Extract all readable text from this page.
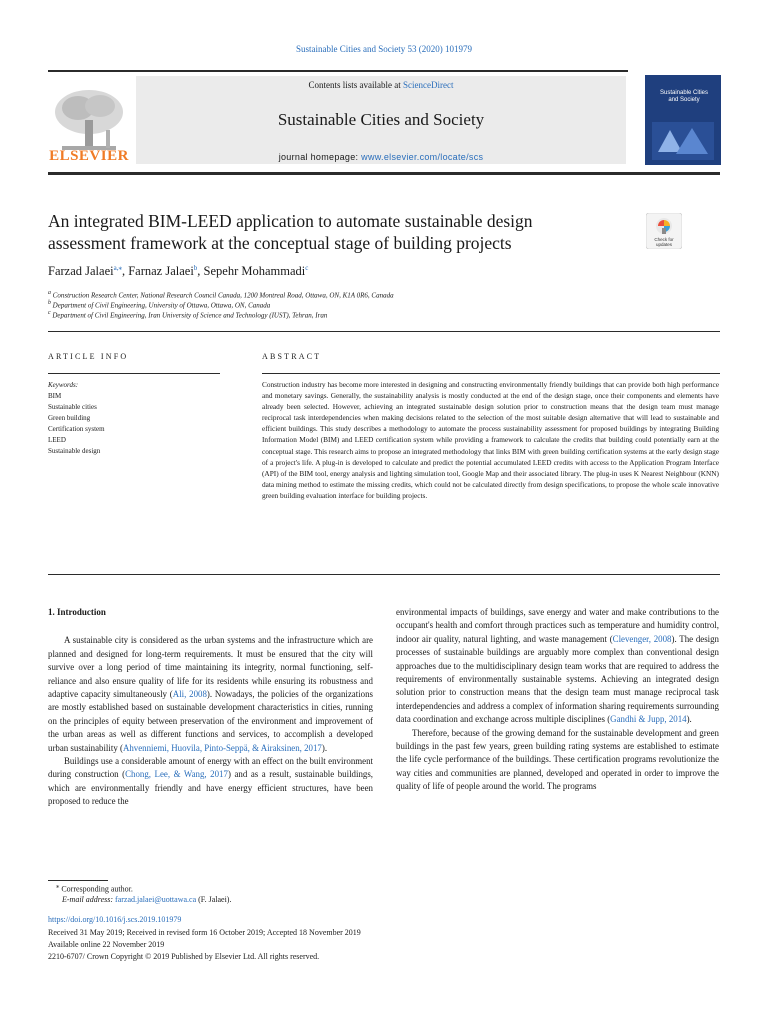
Sustainable Cities and Society 53 (2020) 101979
ELSEVIER
Contents lists available at ScienceDirect
Sustainable Cities and Society
journal homepage: www.elsevier.com/locate/scs
Sustainable Cities
and Society
An integrated BIM-LEED application to automate sustainable design
assessment framework at the conceptual stage of building projects	Check for
updates
Farzad Jalaei$^{a,⁎}$, Farnaz Jalaei$^b$, Sepehr Mohammadi$^c$
$^a$ Construction Research Center, National Research Council Canada, 1200 Montreal Road, Ottawa, ON, K1A 0R6, Canada
$^b$ Department of Civil Engineering, University of Ottawa, Ottawa, ON, Canada
$^c$ Department of Civil Engineering, Iran University of Science and Technology (IUST), Tehran, Iran
ARTICLE INFO
Keywords:
BIM
Sustainable cities
Green building
Certification system
LEED
Sustainable design
ABSTRACT
Construction industry has become more interested in designing and constructing environmentally friendly buildings that can provide both high performance and monetary savings. Generally, the sustainability analysis is mostly conducted at the end of the design stage, once their components and elements have already been selected. However, achieving an integrated sustainable design solution prior to construction means that the design team must manage reciprocal task interdependencies when making decisions related to the selection of the most suitable design alternative that will lead to sustainable and efficient buildings. This study describes a methodology to automate the process sustainability assessment for proposed buildings by integrating Building Information Model (BIM) and LEED certification system while providing a framework to calculate the credits that building could potentially earn at the conceptual stage. This research aims to propose an integrated methodology that links BIM with green building certification systems at the early design stage of a project's life. A plug-in is developed to calculate and predict the potential accumulated LEED credits with access to the Application Program Interface (API) of the BIM tool, energy analysis and lighting simulation tool, Google Map and their associated library. The plug-in uses K Nearest Neighbour (KNN) data mining method to estimate the missing credits, which could not be calculated directly from design specifications, to propose the whole scale innovative green building evaluation interface for building projects.
1. Introduction

A sustainable city is considered as the urban systems and the infrastructure which are planned and designed for long-term requirements. It must be ensured that the city will survive over a long period of time maintaining its integrity, normal functioning, self-reliance and also ensure quality of life for its residents while ensuring its robustness and adaptive capacity simultaneously (Ali, 2008). Nowadays, the policies of the organizations are mostly established based on sustainable development characteristics in cities, running on the principles of equity between preservation of the environment and improvement of the urban areas as well as different functions and services, to accomplish a developed urban sustainability (Ahvenniemi, Huovila, Pinto-Seppä, & Airaksinen, 2017).

Buildings use a considerable amount of energy with an effect on the built environment during construction (Chong, Lee, & Wang, 2017) and as a result, sustainable buildings, which are environmentally friendly and have energy efficient structures, have been proposed to reduce the

environmental impacts of buildings, save energy and water and make contributions to the occupant's health and comfort through practices such as temperature and humidity control, indoor air quality, natural lighting, and waste management (Clevenger, 2008). The design processes of sustainable buildings are arguably more complex than conventional design approaches due to the multidisciplinary design team works that are required to address the requirements of environmentally sustainable systems. Achieving an integrated design solution prior to construction means that the design team must manage reciprocal task interdependencies and address a complex of information sharing requirements surrounding data coordination and exchange across multiple disciplines (Gandhi & Jupp, 2014).

Therefore, because of the growing demand for the sustainable development and green buildings in the past few years, green building rating systems are established to estimate the life cycle performance of the buildings. These certification programs revolutionize the way cities and communities are planned, developed and operated in order to improve the quality of life of people around the world. The programs

⁎ Corresponding author.
E-mail address: farzad.jalaei@uottawa.ca (F. Jalaei).
https://doi.org/10.1016/j.scs.2019.101979
Received 31 May 2019; Received in revised form 16 October 2019; Accepted 18 November 2019
Available online 22 November 2019
2210-6707/ Crown Copyright © 2019 Published by Elsevier Ltd. All rights reserved.
